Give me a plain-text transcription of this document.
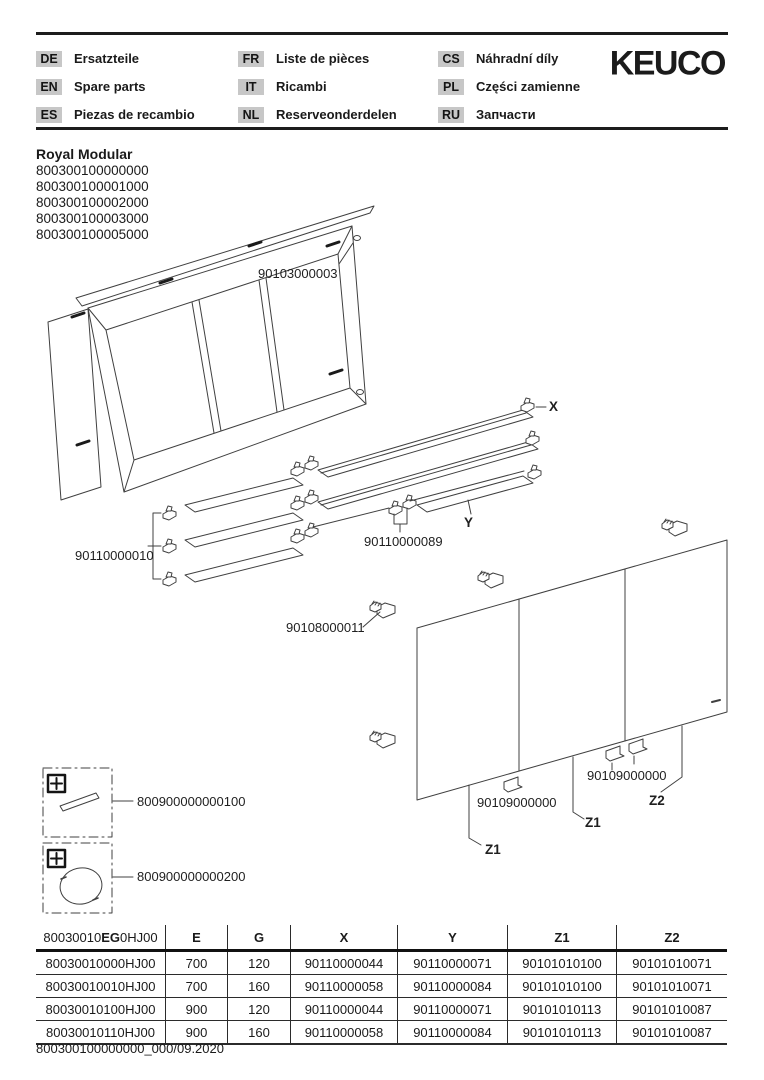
DE	Ersatzteile
EN	Spare parts
ES	Piezas de recambio
FR	Liste de pièces
IT	Ricambi
NL	Reserveonderdelen
CS	Náhradní díly
PL	Części zamienne
RU	Запчасти
KEUCO
Royal Modular
800300100000000
800300100001000
800300100002000
800300100003000
800300100005000
90103000003
90110000010
90110000089
X
Y
90108000011
90109000000
Z1
90109000000
Z1
Z2
800900000000100
800900000000200
80030010 EG 0HJ00	E	G	X	Y	Z1	Z2
80030010000HJ00	700	120	90110000044	90110000071	90101010100	90101010071
80030010010HJ00	700	160	90110000058	90110000084	90101010100	90101010071
80030010100HJ00	900	120	90110000044	90110000071	90101010113	90101010087
80030010110HJ00	900	160	90110000058	90110000084	90101010113	90101010087
800300100000000_000/09.2020
